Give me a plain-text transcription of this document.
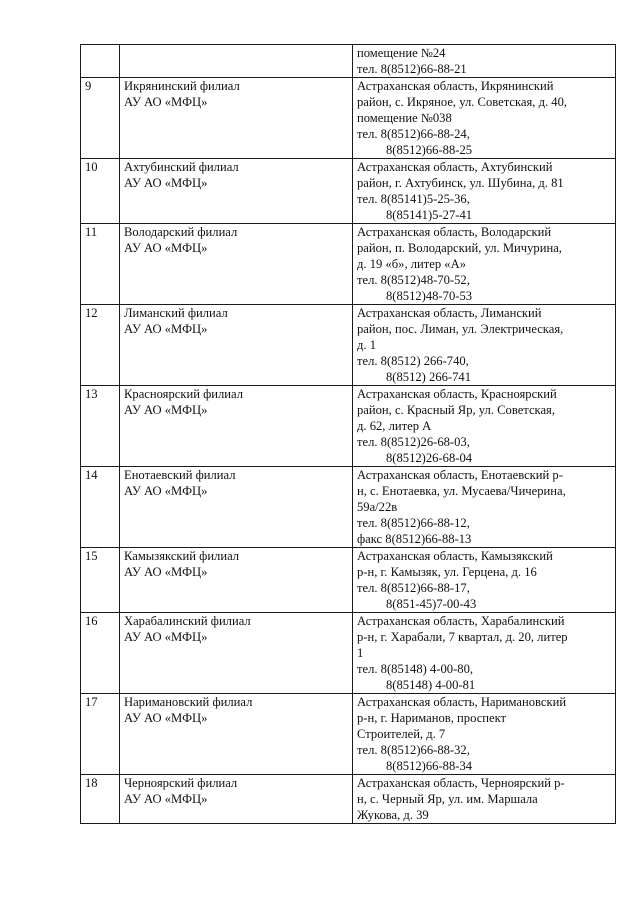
		помещение №24
тел. 8(8512)66-88-21

9	Икрянинский филиал
АУ АО «МФЦ»	Астраханская область, Икрянинский
район, с. Икряное, ул. Советская, д. 40,
помещение №038
тел. 8(8512)66-88-24,
8(8512)66-88-25

10	Ахтубинский филиал
АУ АО «МФЦ»	Астраханская область, Ахтубинский
район, г. Ахтубинск, ул. Шубина, д. 81
тел. 8(85141)5-25-36,
8(85141)5-27-41

11	Володарский филиал
АУ АО «МФЦ»	Астраханская область, Володарский
район, п. Володарский, ул. Мичурина,
д. 19 «б», литер «А»
тел. 8(8512)48-70-52,
8(8512)48-70-53

12	Лиманский филиал
АУ АО «МФЦ»	Астраханская область, Лиманский
район, пос. Лиман, ул. Электрическая,
д. 1
тел. 8(8512) 266-740,
8(8512) 266-741

13	Красноярский филиал
АУ АО «МФЦ»	Астраханская область, Красноярский
район, с. Красный Яр, ул. Советская,
д. 62, литер А
тел. 8(8512)26-68-03,
8(8512)26-68-04

14	Енотаевский филиал
АУ АО «МФЦ»	Астраханская область, Енотаевский р-
н, с. Енотаевка, ул. Мусаева/Чичерина,
59а/22в
тел. 8(8512)66-88-12,
факс 8(8512)66-88-13

15	Камызякский филиал
АУ АО «МФЦ»	Астраханская область, Камызякский
р-н, г. Камызяк, ул. Герцена, д. 16
тел. 8(8512)66-88-17,
8(851-45)7-00-43

16	Харабалинский филиал
АУ АО «МФЦ»	Астраханская область, Харабалинский
р-н, г. Харабали, 7 квартал, д. 20, литер
1
тел. 8(85148) 4-00-80,
8(85148) 4-00-81

17	Наримановский филиал
АУ АО «МФЦ»	Астраханская область, Наримановский
р-н, г. Нариманов, проспект
Строителей, д. 7
тел. 8(8512)66-88-32,
8(8512)66-88-34

18	Черноярский филиал
АУ АО «МФЦ»	Астраханская область, Черноярский р-
н, с. Черный Яр, ул. им. Маршала
Жукова, д. 39
